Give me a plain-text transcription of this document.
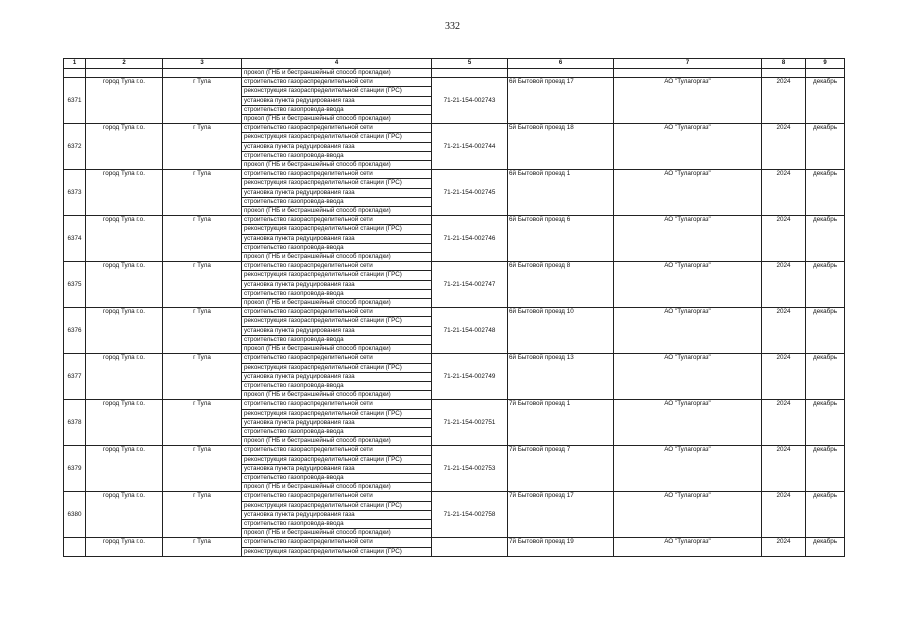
332
1	2	3	4	5	6	7	8	9
			прокол (ГНБ и бестраншейный способ прокладки)					
6371	город Тула г.о.	г Тула	строительство газораспределительной сети	71-21-154-002743	6й Бытовой проезд 17	АО "Тулагоргаз"	2024	декабрь
			реконструкция газораспределительной станции (ГРС)					
			установка пункта редуцирования газа					
			строительство газопровода-ввода					
			прокол (ГНБ и бестраншейный способ прокладки)					
6372	город Тула г.о.	г Тула	строительство газораспределительной сети	71-21-154-002744	5й Бытовой проезд 18	АО "Тулагоргаз"	2024	декабрь
			реконструкция газораспределительной станции (ГРС)					
			установка пункта редуцирования газа					
			строительство газопровода-ввода					
			прокол (ГНБ и бестраншейный способ прокладки)					
6373	город Тула г.о.	г Тула	строительство газораспределительной сети	71-21-154-002745	6й Бытовой проезд 1	АО "Тулагоргаз"	2024	декабрь
			реконструкция газораспределительной станции (ГРС)					
			установка пункта редуцирования газа					
			строительство газопровода-ввода					
			прокол (ГНБ и бестраншейный способ прокладки)					
6374	город Тула г.о.	г Тула	строительство газораспределительной сети	71-21-154-002746	6й Бытовой проезд 6	АО "Тулагоргаз"	2024	декабрь
			реконструкция газораспределительной станции (ГРС)					
			установка пункта редуцирования газа					
			строительство газопровода-ввода					
			прокол (ГНБ и бестраншейный способ прокладки)					
6375	город Тула г.о.	г Тула	строительство газораспределительной сети	71-21-154-002747	6й Бытовой проезд 8	АО "Тулагоргаз"	2024	декабрь
			реконструкция газораспределительной станции (ГРС)					
			установка пункта редуцирования газа					
			строительство газопровода-ввода					
			прокол (ГНБ и бестраншейный способ прокладки)					
6376	город Тула г.о.	г Тула	строительство газораспределительной сети	71-21-154-002748	6й Бытовой проезд 10	АО "Тулагоргаз"	2024	декабрь
			реконструкция газораспределительной станции (ГРС)					
			установка пункта редуцирования газа					
			строительство газопровода-ввода					
			прокол (ГНБ и бестраншейный способ прокладки)					
6377	город Тула г.о.	г Тула	строительство газораспределительной сети	71-21-154-002749	6й Бытовой проезд 13	АО "Тулагоргаз"	2024	декабрь
			реконструкция газораспределительной станции (ГРС)					
			установка пункта редуцирования газа					
			строительство газопровода-ввода					
			прокол (ГНБ и бестраншейный способ прокладки)					
6378	город Тула г.о.	г Тула	строительство газораспределительной сети	71-21-154-002751	7й Бытовой проезд 1	АО "Тулагоргаз"	2024	декабрь
			реконструкция газораспределительной станции (ГРС)					
			установка пункта редуцирования газа					
			строительство газопровода-ввода					
			прокол (ГНБ и бестраншейный способ прокладки)					
6379	город Тула г.о.	г Тула	строительство газораспределительной сети	71-21-154-002753	7й Бытовой проезд 7	АО "Тулагоргаз"	2024	декабрь
			реконструкция газораспределительной станции (ГРС)					
			установка пункта редуцирования газа					
			строительство газопровода-ввода					
			прокол (ГНБ и бестраншейный способ прокладки)					
6380	город Тула г.о.	г Тула	строительство газораспределительной сети	71-21-154-002758	7й Бытовой проезд 17	АО "Тулагоргаз"	2024	декабрь
			реконструкция газораспределительной станции (ГРС)					
			установка пункта редуцирования газа					
			строительство газопровода-ввода					
			прокол (ГНБ и бестраншейный способ прокладки)					
	город Тула г.о.	г Тула	строительство газораспределительной сети		7й Бытовой проезд 19	АО "Тулагоргаз"	2024	декабрь
			реконструкция газораспределительной станции (ГРС)					
